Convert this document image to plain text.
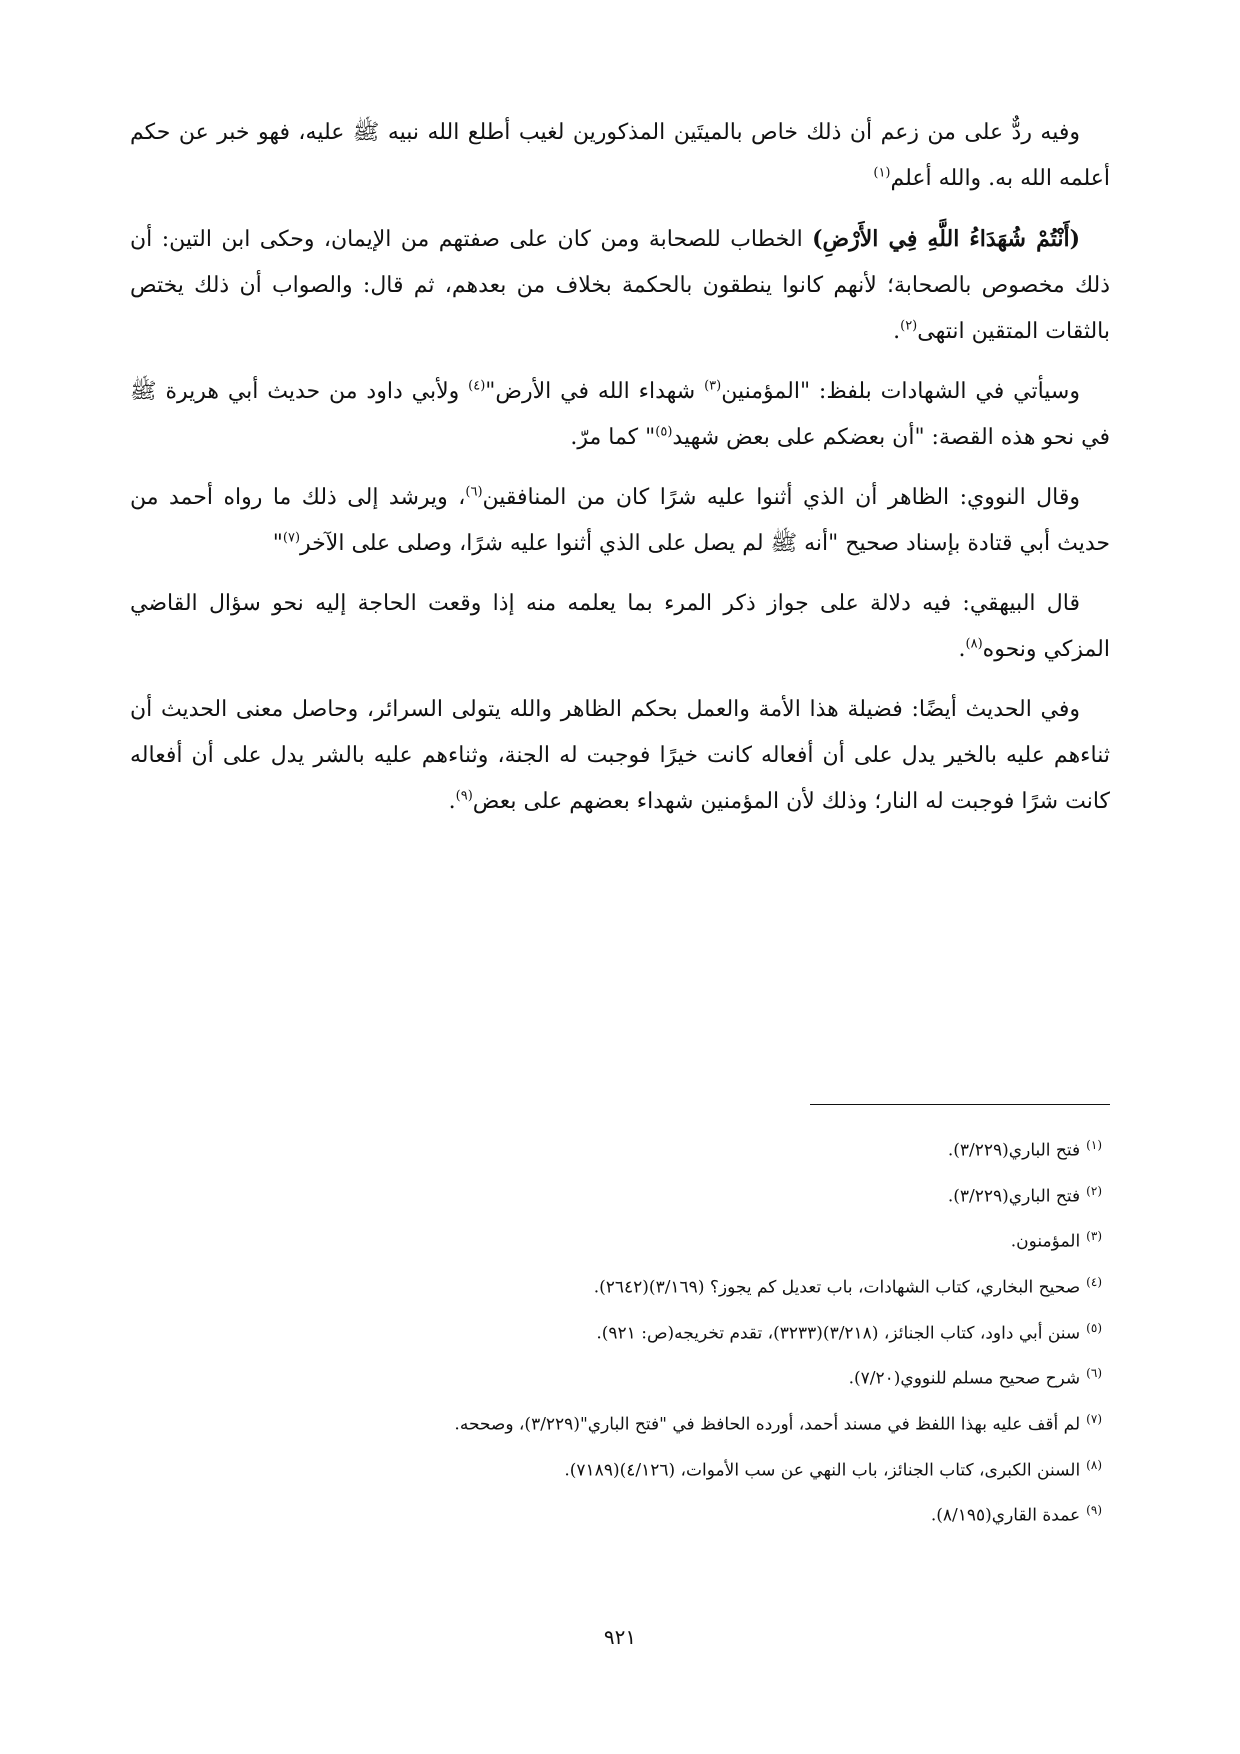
وفيه ردٌّ على من زعم أن ذلك خاص بالميتَين المذكورين لغيب أطلع الله نبيه ﷺ عليه، فهو خبر عن حكم أعلمه الله به. والله أعلم$^{(١)}$

(أَنْتُمْ شُهَدَاءُ اللَّهِ فِي الأَرْضِ) الخطاب للصحابة ومن كان على صفتهم من الإيمان، وحكى ابن التين: أن ذلك مخصوص بالصحابة؛ لأنهم كانوا ينطقون بالحكمة بخلاف من بعدهم، ثم قال: والصواب أن ذلك يختص بالثقات المتقين انتهى$^{(٢)}$.

وسيأتي في الشهادات بلفظ: "المؤمنين$^{(٣)}$ شهداء الله في الأرض"$^{(٤)}$ ولأبي داود من حديث أبي هريرة ﷺ في نحو هذه القصة: "أن بعضكم على بعض شهيد$^{(٥)}$" كما مرّ.

وقال النووي: الظاهر أن الذي أثنوا عليه شرًا كان من المنافقين$^{(٦)}$، ويرشد إلى ذلك ما رواه أحمد من حديث أبي قتادة بإسناد صحيح "أنه ﷺ لم يصل على الذي أثنوا عليه شرًا، وصلى على الآخر$^{(٧)}$"

قال البيهقي: فيه دلالة على جواز ذكر المرء بما يعلمه منه إذا وقعت الحاجة إليه نحو سؤال القاضي المزكي ونحوه$^{(٨)}$.

وفي الحديث أيضًا: فضيلة هذا الأمة والعمل بحكم الظاهر والله يتولى السرائر، وحاصل معنى الحديث أن ثناءهم عليه بالخير يدل على أن أفعاله كانت خيرًا فوجبت له الجنة، وثناءهم عليه بالشر يدل على أن أفعاله كانت شرًا فوجبت له النار؛ وذلك لأن المؤمنين شهداء بعضهم على بعض$^{(٩)}$.

$^{(١)}$فتح الباري(٣/٢٢٩).

$^{(٢)}$فتح الباري(٣/٢٢٩).

$^{(٣)}$المؤمنون.

$^{(٤)}$صحيح البخاري، كتاب الشهادات، باب تعديل كم يجوز؟ (٣/١٦٩)(٢٦٤٢).

$^{(٥)}$سنن أبي داود، كتاب الجنائز، (٣/٢١٨)(٣٢٣٣)، تقدم تخريجه(ص: ٩٢١).

$^{(٦)}$شرح صحيح مسلم للنووي(٧/٢٠).

$^{(٧)}$لم أقف عليه بهذا اللفظ في مسند أحمد، أورده الحافظ في "فتح الباري"(٣/٢٢٩)، وصححه.

$^{(٨)}$السنن الكبرى، كتاب الجنائز، باب النهي عن سب الأموات، (٤/١٢٦)(٧١٨٩).

$^{(٩)}$عمدة القاري(٨/١٩٥).

٩٢١
